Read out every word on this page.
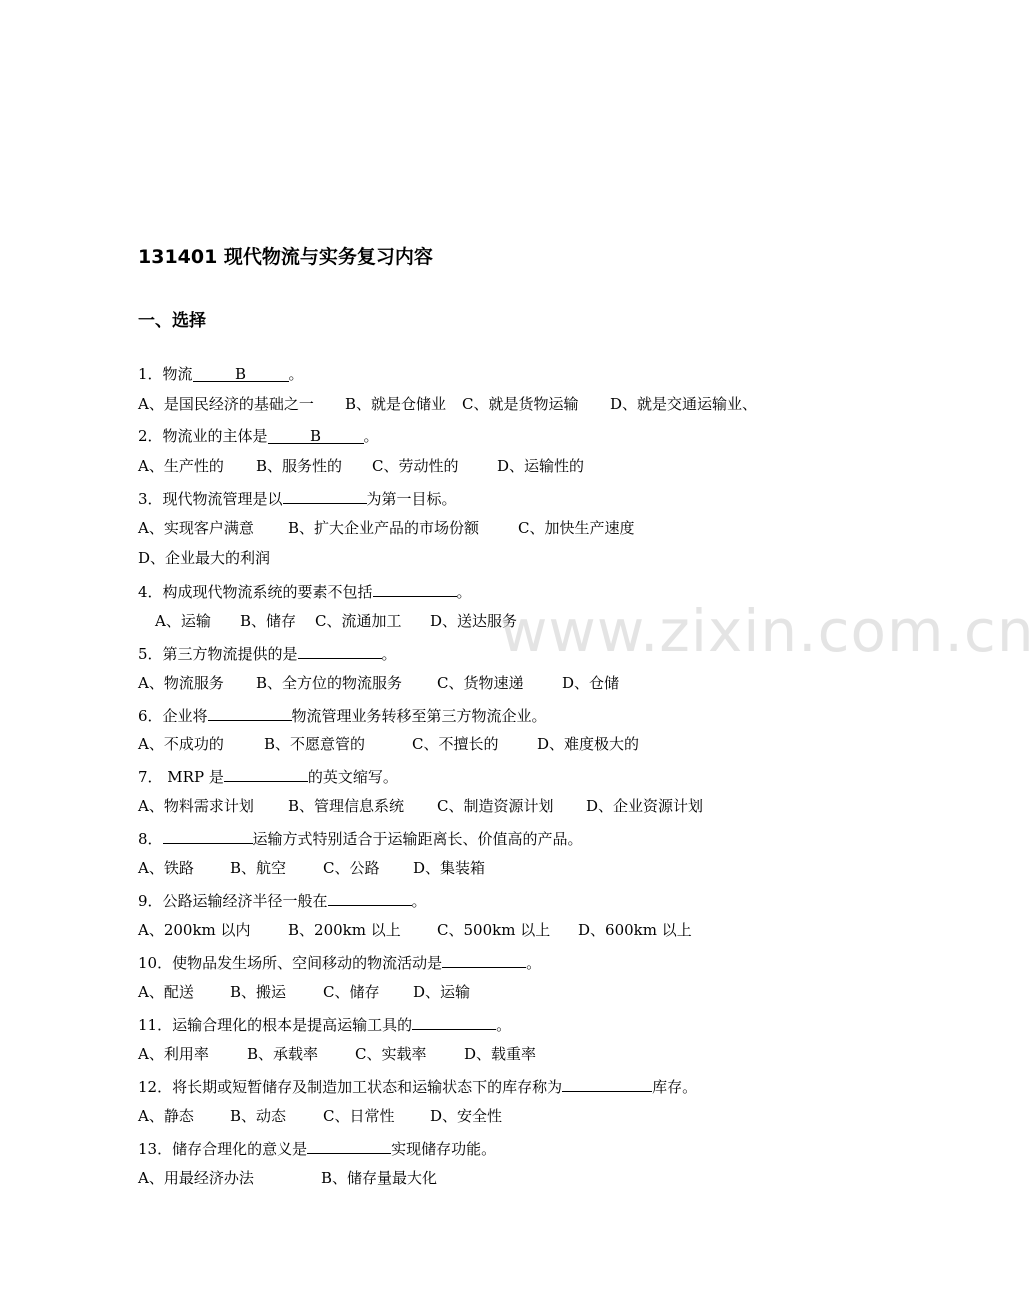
131401 现代物流与实务复习内容
一、选择
1．物流	B	。
A、是国民经济的基础之一 B、就是仓储业 C、就是货物运输 D、就是交通运输业、
2．物流业的主体是	B	。
A、生产性的 B、服务性的 C、劳动性的	D、运输性的
3．现代物流管理是以	为第一目标。
A、实现客户满意 B、扩大企业产品的市场份额	C、加快生产速度
D、企业最大的利润
4．构成现代物流系统的要素不包括	。
A、运输 B、储存 C、流通加工 D、送达服务
5．第三方物流提供的是	。
A、物流服务 B、全方位的物流服务 C、货物速递	D、仓储
6．企业将	物流管理业务转移至第三方物流企业。
A、不成功的	B、不愿意管的	C、不擅长的	D、难度极大的
7． MRP 是	的英文缩写。
A、物料需求计划 B、管理信息系统 C、制造资源计划 D、企业资源计划
8．	运输方式特别适合于运输距离长、价值高的产品。
A、铁路 B、航空 C、公路 D、集装箱
9．公路运输经济半径一般在	。
A、200km 以内 B、200km 以上 C、500km 以上 D、600km 以上
10．使物品发生场所、空间移动的物流活动是	。
A、配送 B、搬运 C、储存 D、运输
11．运输合理化的根本是提高运输工具的	。
A、利用率	B、承载率 C、实载率	D、载重率
12．将长期或短暂储存及制造加工状态和运输状态下的库存称为	库存。
A、静态 B、动态 C、日常性 D、安全性
13．储存合理化的意义是	实现储存功能。
A、用最经济办法	B、储存量最大化
www.zixin.com.cn
